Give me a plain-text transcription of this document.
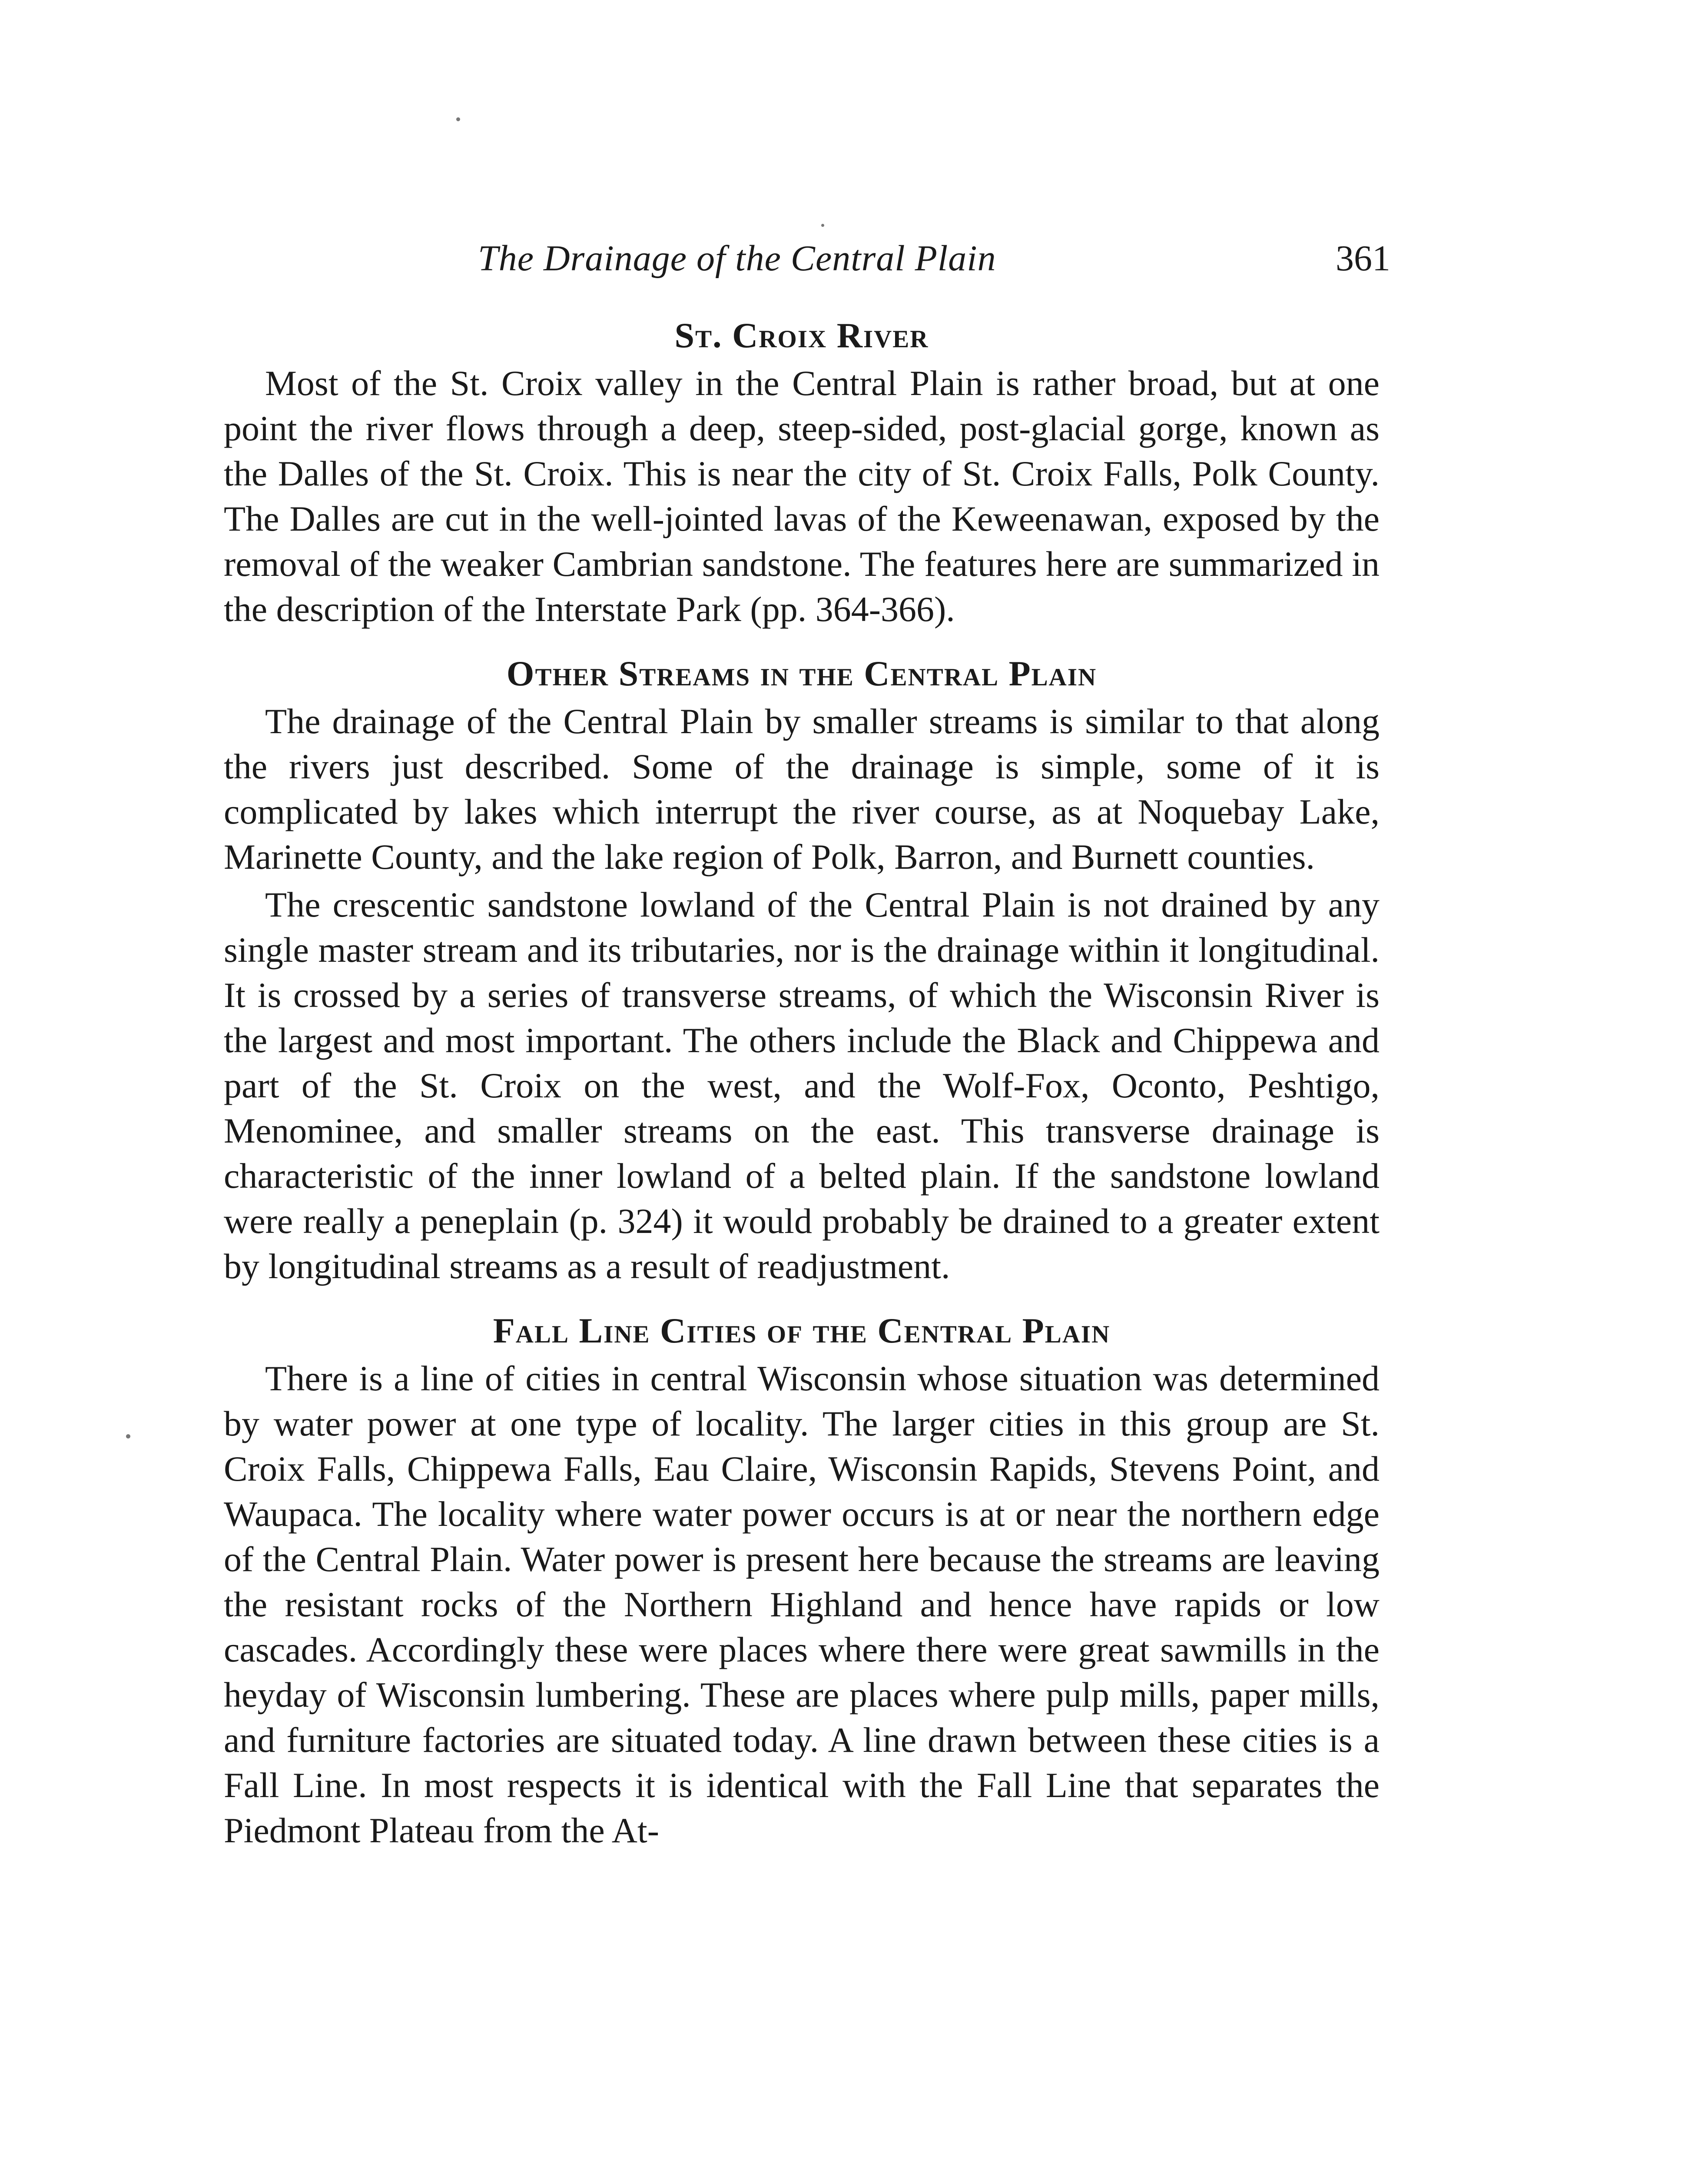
The Drainage of the Central Plain	361
St. Croix River

Most of the St. Croix valley in the Central Plain is rather broad, but at one point the river flows through a deep, steep-sided, post-glacial gorge, known as the Dalles of the St. Croix. This is near the city of St. Croix Falls, Polk County. The Dalles are cut in the well-jointed lavas of the Keweenawan, exposed by the removal of the weaker Cambrian sandstone. The features here are summarized in the description of the Interstate Park (pp. 364-366).

Other Streams in the Central Plain

The drainage of the Central Plain by smaller streams is similar to that along the rivers just described. Some of the drainage is simple, some of it is complicated by lakes which interrupt the river course, as at Noquebay Lake, Marinette County, and the lake region of Polk, Barron, and Burnett counties.

The crescentic sandstone lowland of the Central Plain is not drained by any single master stream and its tributaries, nor is the drainage within it longitudinal. It is crossed by a series of transverse streams, of which the Wisconsin River is the largest and most important. The others include the Black and Chippewa and part of the St. Croix on the west, and the Wolf-Fox, Oconto, Peshtigo, Menominee, and smaller streams on the east. This transverse drainage is characteristic of the inner lowland of a belted plain. If the sandstone lowland were really a peneplain (p. 324) it would probably be drained to a greater extent by longitudinal streams as a result of readjustment.

Fall Line Cities of the Central Plain

There is a line of cities in central Wisconsin whose situation was determined by water power at one type of locality. The larger cities in this group are St. Croix Falls, Chippewa Falls, Eau Claire, Wisconsin Rapids, Stevens Point, and Waupaca. The locality where water power occurs is at or near the northern edge of the Central Plain. Water power is present here because the streams are leaving the resistant rocks of the Northern Highland and hence have rapids or low cascades. Accordingly these were places where there were great sawmills in the heyday of Wisconsin lumbering. These are places where pulp mills, paper mills, and furniture factories are situated today. A line drawn between these cities is a Fall Line. In most respects it is identical with the Fall Line that separates the Piedmont Plateau from the At-
